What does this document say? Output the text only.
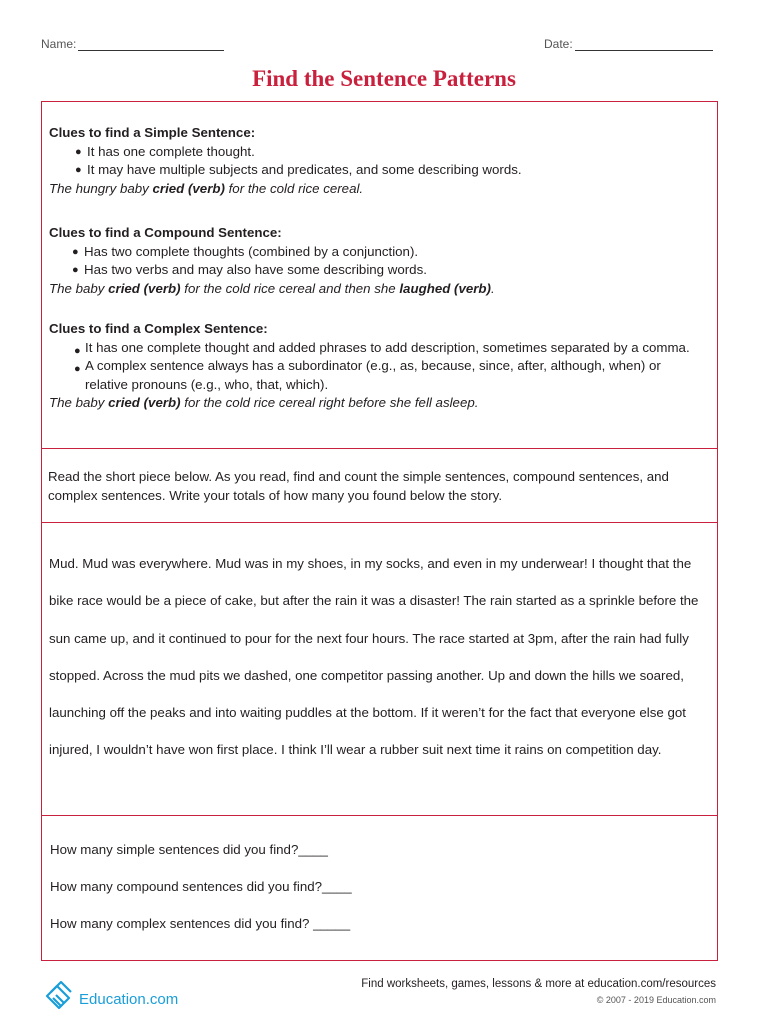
Name:	Date:
Find the Sentence Patterns
Clues to find a Simple Sentence:
● It has one complete thought.
● It may have multiple subjects and predicates, and some describing words.
The hungry baby cried (verb) for the cold rice cereal.
Clues to find a Compound Sentence:
● Has two complete thoughts (combined by a conjunction).
● Has two verbs and may also have some describing words.
The baby cried (verb) for the cold rice cereal and then she laughed (verb).
Clues to find a Complex Sentence:
● It has one complete thought and added phrases to add description, sometimes separated by a comma.
● A complex sentence always has a subordinator (e.g., as, because, since, after, although, when) or relative pronouns (e.g., who, that, which).
The baby cried (verb) for the cold rice cereal right before she fell asleep.

Read the short piece below. As you read, find and count the simple sentences, compound sentences, and complex sentences. Write your totals of how many you found below the story.

Mud. Mud was everywhere. Mud was in my shoes, in my socks, and even in my underwear! I thought that the bike race would be a piece of cake, but after the rain it was a disaster! The rain started as a sprinkle before the sun came up, and it continued to pour for the next four hours. The race started at 3pm, after the rain had fully stopped. Across the mud pits we dashed, one competitor passing another. Up and down the hills we soared, launching off the peaks and into waiting puddles at the bottom. If it weren’t for the fact that everyone else got injured, I wouldn’t have won first place. I think I’ll wear a rubber suit next time it rains on competition day.

How many simple sentences did you find?____
How many compound sentences did you find?____
How many complex sentences did you find? _____
Education.com
Find worksheets, games, lessons & more at education.com/resources
© 2007 - 2019 Education.com
